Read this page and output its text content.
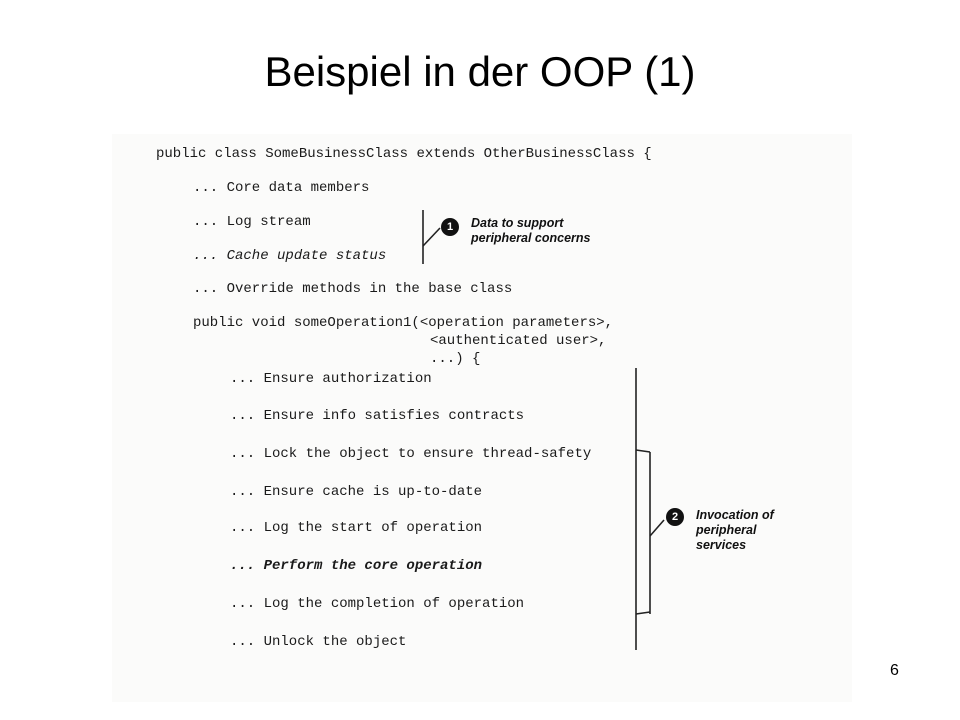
Beispiel in der OOP (1)
public class SomeBusinessClass extends OtherBusinessClass {
... Core data members
... Log stream
... Cache update status
... Override methods in the base class
public void someOperation1(<operation parameters>,
<authenticated user>,
...) {
... Ensure authorization
... Ensure info satisfies contracts
... Lock the object to ensure thread-safety
... Ensure cache is up-to-date
... Log the start of operation
... Perform the core operation
... Log the completion of operation
... Unlock the object
1	Data to support
peripheral concerns
2	Invocation of
peripheral
services
6
